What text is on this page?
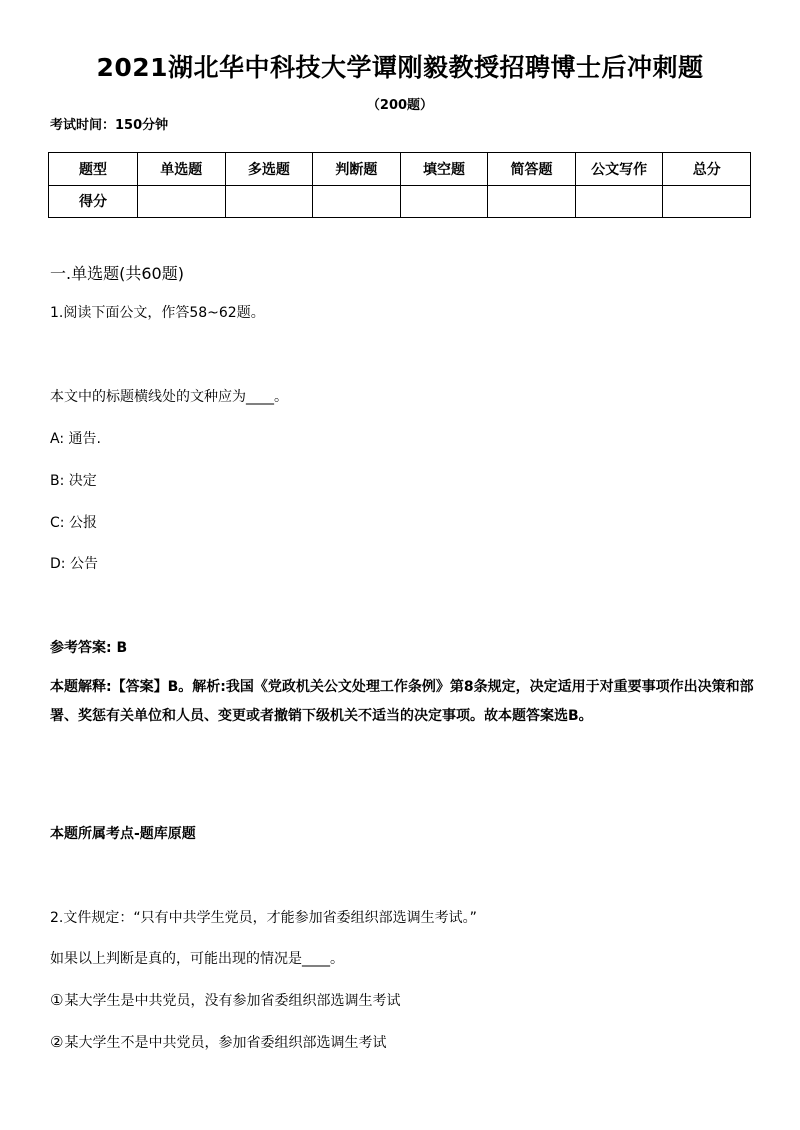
2021湖北华中科技大学谭刚毅教授招聘博士后冲刺题
（200题）
考试时间：150分钟
题型	单选题	多选题	判断题	填空题	简答题	公文写作	总分
得分							
一.单选题(共60题)
1.阅读下面公文，作答58~62题。
本文中的标题横线处的文种应为____。
A: 通告.
B: 决定
C: 公报
D: 公告
参考答案: B
本题解释:【答案】B。解析:我国《党政机关公文处理工作条例》第8条规定，决定适用于对重要事项作出决策和部署、奖惩有关单位和人员、变更或者撤销下级机关不适当的决定事项。故本题答案选B。
本题所属考点-题库原题
2.文件规定：“只有中共学生党员，才能参加省委组织部选调生考试。”
如果以上判断是真的，可能出现的情况是____。
①某大学生是中共党员，没有参加省委组织部选调生考试
②某大学生不是中共党员，参加省委组织部选调生考试
